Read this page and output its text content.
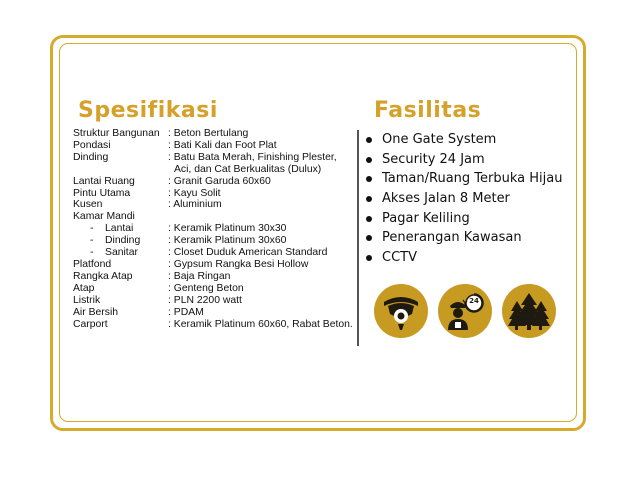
Spesifikasi	Fasilitas
Struktur Bangunan : Beton Bertulang
Pondasi	: Bati Kali dan Foot Plat
Dinding	: Batu Bata Merah, Finishing Plester,
Aci, dan Cat Berkualitas (Dulux)
Lantai Ruang	: Granit Garuda 60x60
Pintu Utama	: Kayu Solit
Kusen	: Aluminium
Kamar Mandi
-    Lantai	: Keramik Platinum 30x30
-    Dinding	: Keramik Platinum 30x60
-    Sanitar	: Closet Duduk American Standard
Platfond	: Gypsum Rangka Besi Hollow
Rangka Atap	: Baja Ringan
Atap	: Genteng Beton
Listrik	: PLN 2200 watt
Air Bersih	: PDAM
Carport	: Keramik Platinum 60x60, Rabat Beton.
One Gate System
Security 24 Jam
Taman/Ruang Terbuka Hijau
Akses Jalan 8 Meter
Pagar Keliling
Penerangan Kawasan
CCTV
24
